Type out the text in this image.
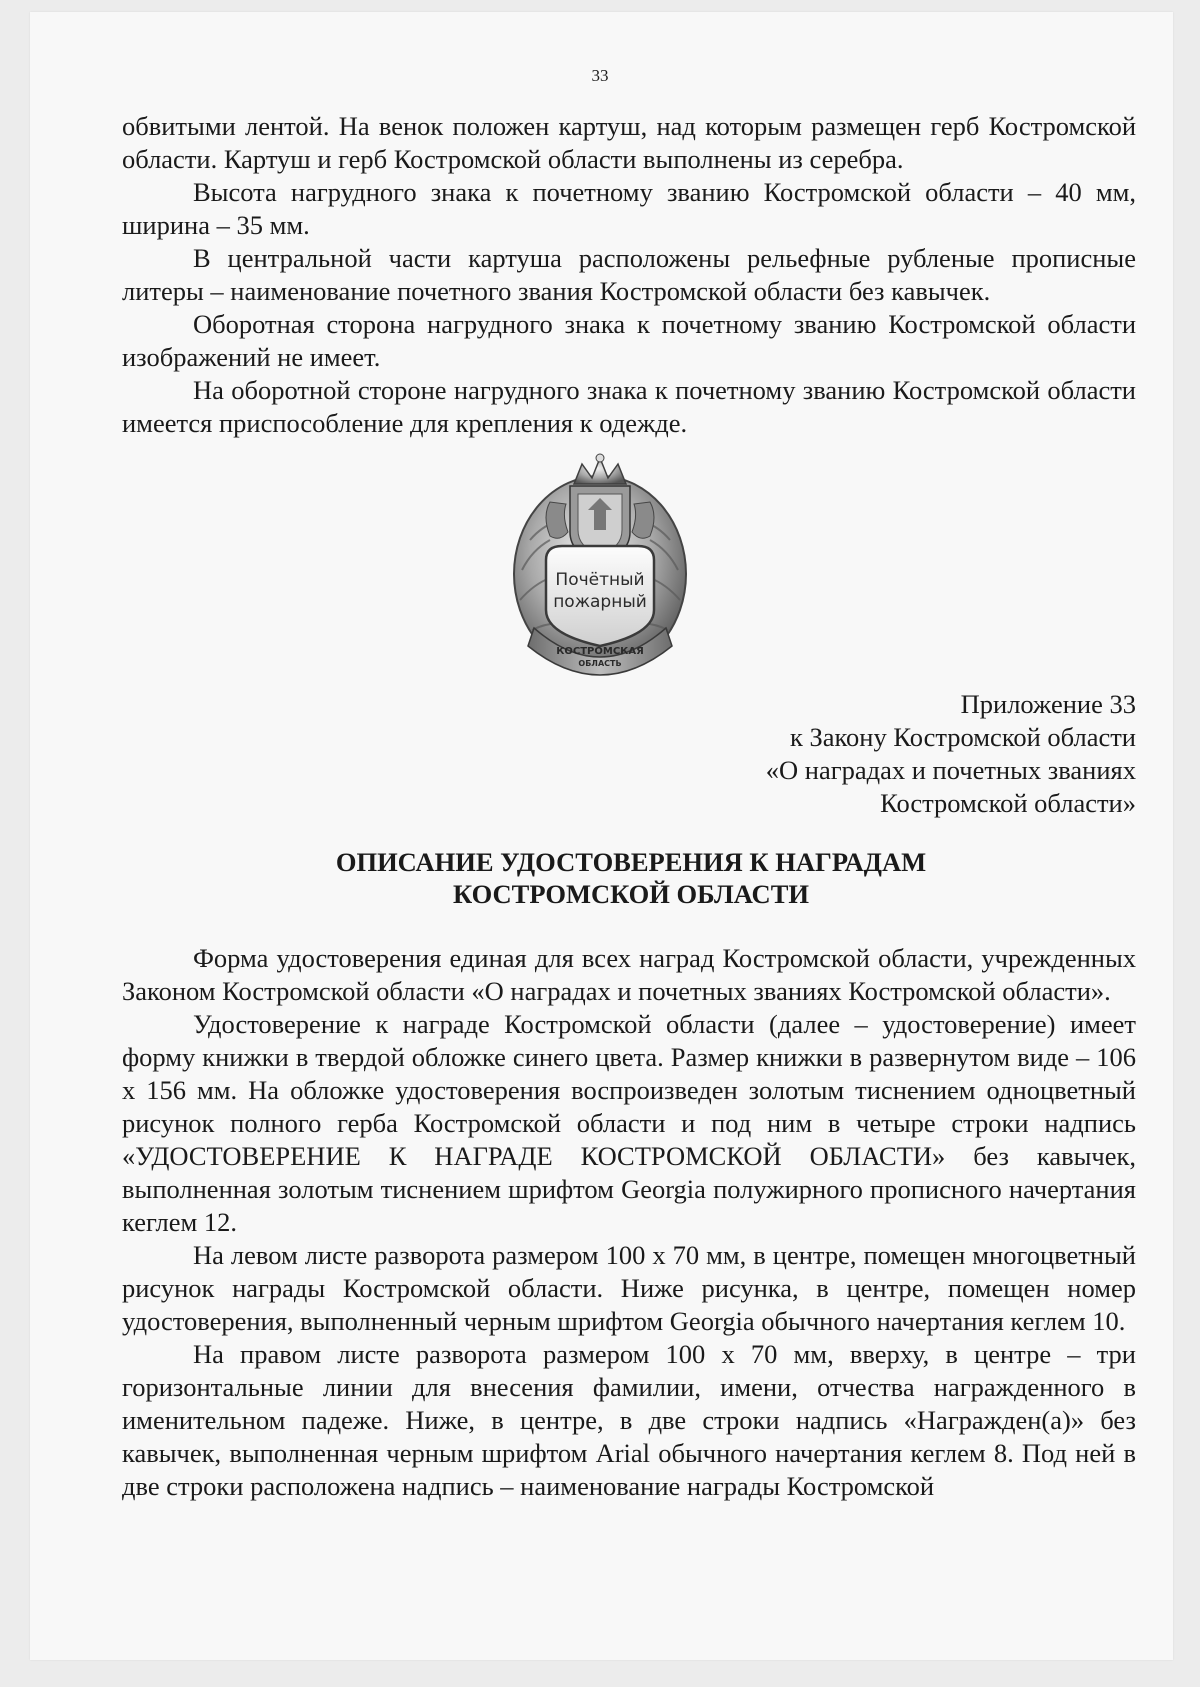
33

обвитыми лентой. На венок положен картуш, над которым размещен герб Костромской области. Картуш и герб Костромской области выполнены из серебра.

Высота нагрудного знака к почетному званию Костромской области – 40 мм, ширина – 35 мм.

В центральной части картуша расположены рельефные рубленые прописные литеры – наименование почетного звания Костромской области без кавычек.

Оборотная сторона нагрудного знака к почетному званию Костромской области изображений не имеет.

На оборотной стороне нагрудного знака к почетному званию Костромской области имеется приспособление для крепления к одежде.

Почётный
пожарный
КОСТРОМСКАЯ
ОБЛАСТЬ
Приложение 33
к Закону Костромской области
«О наградах и почетных званиях
Костромской области»
ОПИСАНИЕ УДОСТОВЕРЕНИЯ К НАГРАДАМ
КОСТРОМСКОЙ ОБЛАСТИ

Форма удостоверения единая для всех наград Костромской области, учрежденных Законом Костромской области «О наградах и почетных званиях Костромской области».

Удостоверение к награде Костромской области (далее – удостоверение) имеет форму книжки в твердой обложке синего цвета. Размер книжки в развернутом виде – 106 х 156 мм. На обложке удостоверения воспроизведен золотым тиснением одноцветный рисунок полного герба Костромской области и под ним в четыре строки надпись «УДОСТОВЕРЕНИЕ К НАГРАДЕ КОСТРОМСКОЙ ОБЛАСТИ» без кавычек, выполненная золотым тиснением шрифтом Georgia полужирного прописного начертания кеглем 12.

На левом листе разворота размером 100 х 70 мм, в центре, помещен многоцветный рисунок награды Костромской области. Ниже рисунка, в центре, помещен номер удостоверения, выполненный черным шрифтом Georgia обычного начертания кеглем 10.

На правом листе разворота размером 100 х 70 мм, вверху, в центре – три горизонтальные линии для внесения фамилии, имени, отчества награжденного в именительном падеже. Ниже, в центре, в две строки надпись «Награжден(а)» без кавычек, выполненная черным шрифтом Arial обычного начертания кеглем 8. Под ней в две строки расположена надпись – наименование награды Костромской
